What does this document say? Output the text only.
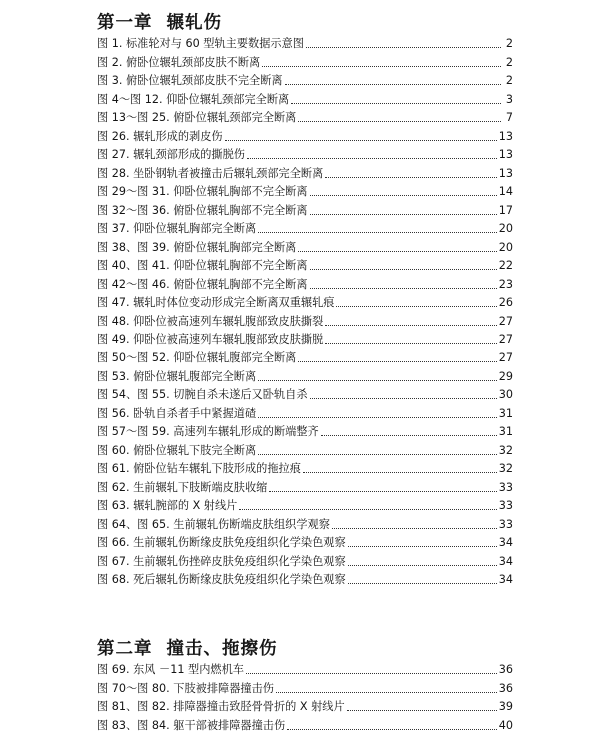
第一章 辗轧伤
图 1. 标准轮对与 60 型轨主要数据示意图	2
图 2. 俯卧位辗轧颈部皮肤不断离	2
图 3. 俯卧位辗轧颈部皮肤不完全断离	2
图 4～图 12. 仰卧位辗轧颈部完全断离	3
图 13～图 25. 俯卧位辗轧颈部完全断离	7
图 26. 辗轧形成的剥皮伤	13
图 27. 辗轧颈部形成的撕脱伤	13
图 28. 坐卧钢轨者被撞击后辗轧颈部完全断离	13
图 29～图 31. 仰卧位辗轧胸部不完全断离	14
图 32～图 36. 俯卧位辗轧胸部不完全断离	17
图 37. 仰卧位辗轧胸部完全断离	20
图 38、图 39. 俯卧位辗轧胸部完全断离	20
图 40、图 41. 仰卧位辗轧胸部不完全断离	22
图 42～图 46. 俯卧位辗轧胸部不完全断离	23
图 47. 辗轧时体位变动形成完全断离双重辗轧痕	26
图 48. 仰卧位被高速列车辗轧腹部致皮肤撕裂	27
图 49. 仰卧位被高速列车辗轧腹部致皮肤撕脱	27
图 50～图 52. 仰卧位辗轧腹部完全断离	27
图 53. 俯卧位辗轧腹部完全断离	29
图 54、图 55. 切腕自杀未遂后又卧轨自杀	30
图 56. 卧轨自杀者手中紧握道碴	31
图 57～图 59. 高速列车辗轧形成的断端整齐	31
图 60. 俯卧位辗轧下肢完全断离	32
图 61. 俯卧位钻车辗轧下肢形成的拖拉痕	32
图 62. 生前辗轧下肢断端皮肤收缩	33
图 63. 辗轧腕部的 X 射线片	33
图 64、图 65. 生前辗轧伤断端皮肤组织学观察	33
图 66. 生前辗轧伤断缘皮肤免疫组织化学染色观察	34
图 67. 生前辗轧伤挫碎皮肤免疫组织化学染色观察	34
图 68. 死后辗轧伤断缘皮肤免疫组织化学染色观察	34
第二章 撞击、拖擦伤
图 69. 东风 －11 型内燃机车	36
图 70～图 80. 下肢被排障器撞击伤	36
图 81、图 82. 排障器撞击致胫骨骨折的 X 射线片	39
图 83、图 84. 躯干部被排障器撞击伤	40
